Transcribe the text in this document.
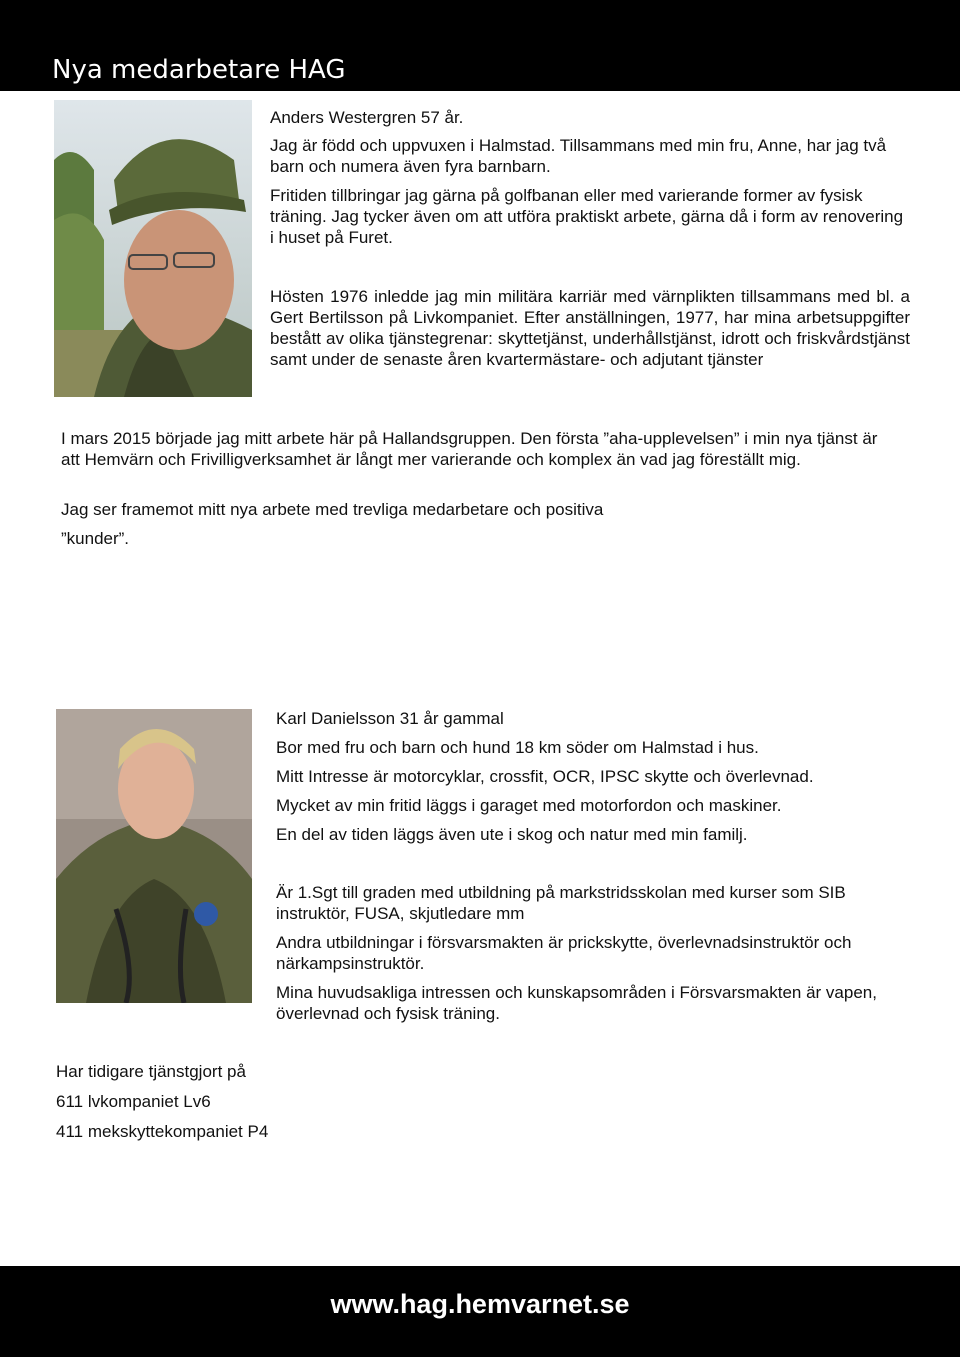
Nya medarbetare HAG

Anders Westergren 57 år.

Jag är född och uppvuxen i Halmstad. Tillsammans med min fru, Anne, har jag två barn och numera även fyra barnbarn.

Fritiden tillbringar jag gärna på golfbanan eller med varierande former av fysisk träning. Jag tycker även om att utföra praktiskt arbete, gärna då i form av renovering i huset på Furet.

Hösten 1976 inledde jag min militära karriär med värnplikten tillsammans med bl. a Gert Bertilsson på Livkompaniet. Efter anställningen, 1977, har mina arbetsuppgifter bestått av olika tjänstegrenar: skyttetjänst, underhållstjänst, idrott och friskvårdstjänst samt under de senaste åren kvartermästare- och adjutant tjänster

I mars 2015 började jag mitt arbete här på Hallandsgruppen. Den första ”aha-upplevelsen” i min nya tjänst är att Hemvärn och Frivilligverksamhet är långt mer varierande och komplex än vad jag föreställt mig.

Jag ser framemot mitt nya arbete med trevliga medarbetare och positiva

”kunder”.

Karl Danielsson 31 år gammal

Bor med fru och barn och hund 18 km söder om Halmstad i hus.

Mitt Intresse är motorcyklar, crossfit, OCR, IPSC skytte och överlevnad.

Mycket av min fritid läggs i garaget med motorfordon och maskiner.

En del av tiden läggs även ute i skog och natur med min familj.

Är 1.Sgt till graden med utbildning på markstridsskolan med kurser som SIB instruktör, FUSA, skjutledare mm

Andra utbildningar i försvarsmakten är prickskytte, överlevnadsinstruktör och närkampsinstruktör.

Mina huvudsakliga intressen och kunskapsområden i Försvarsmakten är vapen, överlevnad och fysisk träning.

Har tidigare tjänstgjort på

611 lvkompaniet Lv6

411 mekskyttekompaniet P4

www.hag.hemvarnet.se
